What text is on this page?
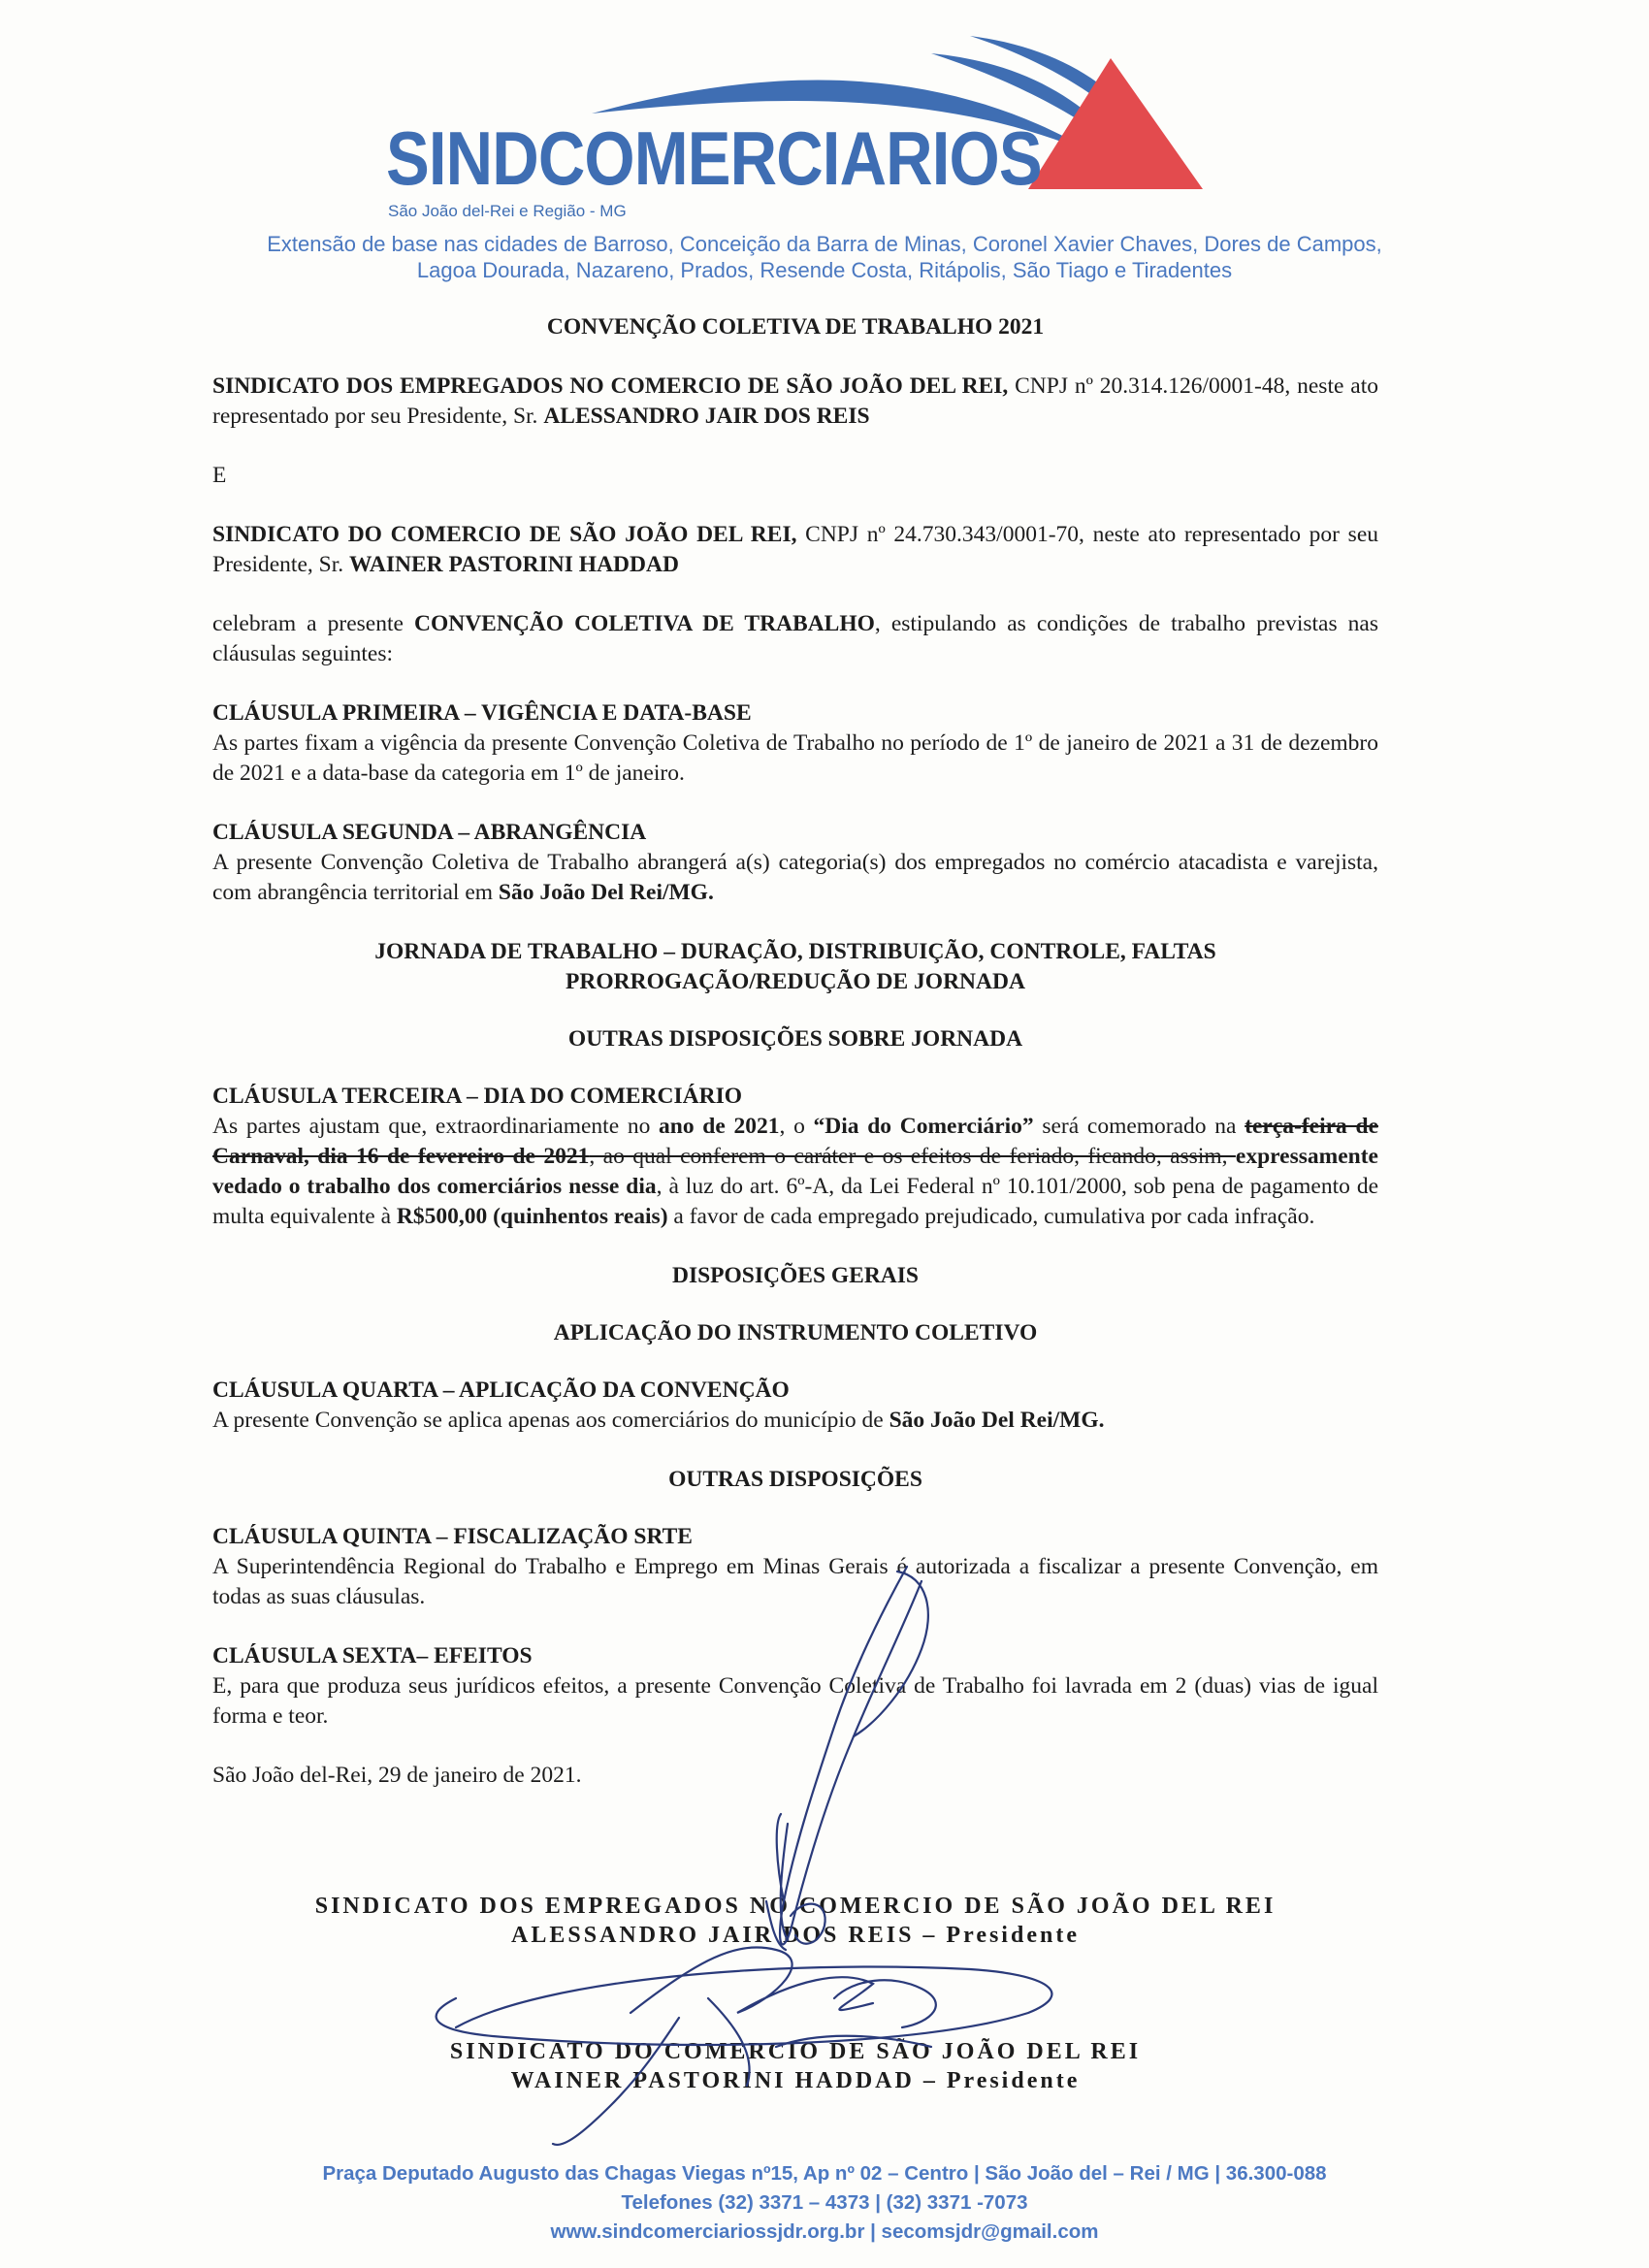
SINDCOMERCIARIOS
São João del-Rei e Região - MG
Extensão de base nas cidades de Barroso, Conceição da Barra de Minas, Coronel Xavier Chaves, Dores de Campos,
Lagoa Dourada, Nazareno, Prados, Resende Costa, Ritápolis, São Tiago e Tiradentes

CONVENÇÃO COLETIVA DE TRABALHO 2021

SINDICATO DOS EMPREGADOS NO COMERCIO DE SÃO JOÃO DEL REI, CNPJ nº 20.314.126/0001-48, neste ato representado por seu Presidente, Sr. ALESSANDRO JAIR DOS REIS

E

SINDICATO DO COMERCIO DE SÃO JOÃO DEL REI, CNPJ nº 24.730.343/0001-70, neste ato representado por seu Presidente, Sr. WAINER PASTORINI HADDAD

celebram a presente CONVENÇÃO COLETIVA DE TRABALHO, estipulando as condições de trabalho previstas nas cláusulas seguintes:

CLÁUSULA PRIMEIRA – VIGÊNCIA E DATA-BASE

As partes fixam a vigência da presente Convenção Coletiva de Trabalho no período de 1º de janeiro de 2021 a 31 de dezembro de 2021 e a data-base da categoria em 1º de janeiro.

CLÁUSULA SEGUNDA – ABRANGÊNCIA

A presente Convenção Coletiva de Trabalho abrangerá a(s) categoria(s) dos empregados no comércio atacadista e varejista, com abrangência territorial em São João Del Rei/MG.

JORNADA DE TRABALHO – DURAÇÃO, DISTRIBUIÇÃO, CONTROLE, FALTAS

PRORROGAÇÃO/REDUÇÃO DE JORNADA

OUTRAS DISPOSIÇÕES SOBRE JORNADA

CLÁUSULA TERCEIRA – DIA DO COMERCIÁRIO

As partes ajustam que, extraordinariamente no ano de 2021, o “Dia do Comerciário” será comemorado na terça-feira de Carnaval, dia 16 de fevereiro de 2021, ao qual conferem o caráter e os efeitos de feriado, ficando, assim, expressamente vedado o trabalho dos comerciários nesse dia, à luz do art. 6º-A, da Lei Federal nº 10.101/2000, sob pena de pagamento de multa equivalente à R$500,00 (quinhentos reais) a favor de cada empregado prejudicado, cumulativa por cada infração.

DISPOSIÇÕES GERAIS

APLICAÇÃO DO INSTRUMENTO COLETIVO

CLÁUSULA QUARTA – APLICAÇÃO DA CONVENÇÃO

A presente Convenção se aplica apenas aos comerciários do município de São João Del Rei/MG.

OUTRAS DISPOSIÇÕES

CLÁUSULA QUINTA – FISCALIZAÇÃO SRTE

A Superintendência Regional do Trabalho e Emprego em Minas Gerais é autorizada a fiscalizar a presente Convenção, em todas as suas cláusulas.

CLÁUSULA SEXTA– EFEITOS

E, para que produza seus jurídicos efeitos, a presente Convenção Coletiva de Trabalho foi lavrada em 2 (duas) vias de igual forma e teor.

São João del-Rei, 29 de janeiro de 2021.

SINDICATO DOS EMPREGADOS NO COMERCIO DE SÃO JOÃO DEL REI
ALESSANDRO JAIR DOS REIS – Presidente
SINDICATO DO COMERCIO DE SÃO JOÃO DEL REI
WAINER PASTORINI HADDAD – Presidente
Praça Deputado Augusto das Chagas Viegas nº15, Ap nº 02 – Centro | São João del – Rei / MG | 36.300-088
Telefones (32) 3371 – 4373 | (32) 3371 -7073
www.sindcomerciariossjdr.org.br | secomsjdr@gmail.com
